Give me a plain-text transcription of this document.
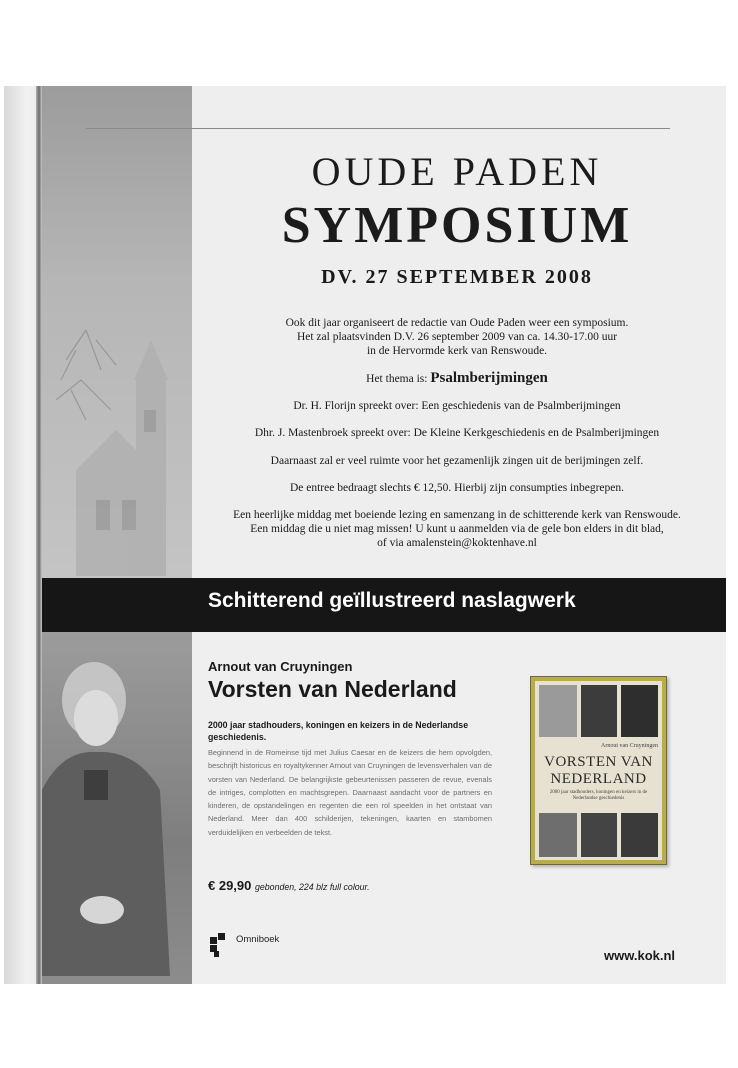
OUDE PADEN
SYMPOSIUM
DV. 27 SEPTEMBER 2008

Ook dit jaar organiseert de redactie van Oude Paden weer een symposium.
Het zal plaatsvinden D.V. 26 september 2009 van ca. 14.30-17.00 uur
in de Hervormde kerk van Renswoude.

Het thema is: Psalmberijmingen

Dr. H. Florijn spreekt over: Een geschiedenis van de Psalmberijmingen

Dhr. J. Mastenbroek spreekt over: De Kleine Kerkgeschiedenis en de Psalmberijmingen

Daarnaast zal er veel ruimte voor het gezamenlijk zingen uit de berijmingen zelf.

De entree bedraagt slechts € 12,50. Hierbij zijn consumpties inbegrepen.

Een heerlijke middag met boeiende lezing en samenzang in de schitterende kerk van Renswoude.
Een middag die u niet mag missen! U kunt u aanmelden via de gele bon elders in dit blad,
of via amalenstein@koktenhave.nl

Schitterend geïllustreerd naslagwerk
Arnout van Cruyningen
Vorsten van Nederland
2000 jaar stadhouders, koningen en keizers in de Nederlandse geschiedenis.
Beginnend in de Romeinse tijd met Julius Caesar en de keizers die hem opvolgden, beschrijft historicus en royaltykenner Arnout van Cruyningen de levensverhalen van de vorsten van Nederland. De belangrijkste gebeurtenissen passeren de revue, evenals de intriges, complotten en machtsgrepen. Daarnaast aandacht voor de partners en kinderen, de opstandelingen en regenten die een rol speelden in het ontstaat van Nederland. Meer dan 400 schilderijen, tekeningen, kaarten en stambomen verduidelijken en verbeelden de tekst.
€ 29,90 gebonden, 224 blz full colour.
Arnout van Cruyningen
VORSTEN VAN
NEDERLAND
2000 jaar stadhouders, koningen en keizers in de Nederlandse geschiedenis
Omniboek
www.kok.nl
